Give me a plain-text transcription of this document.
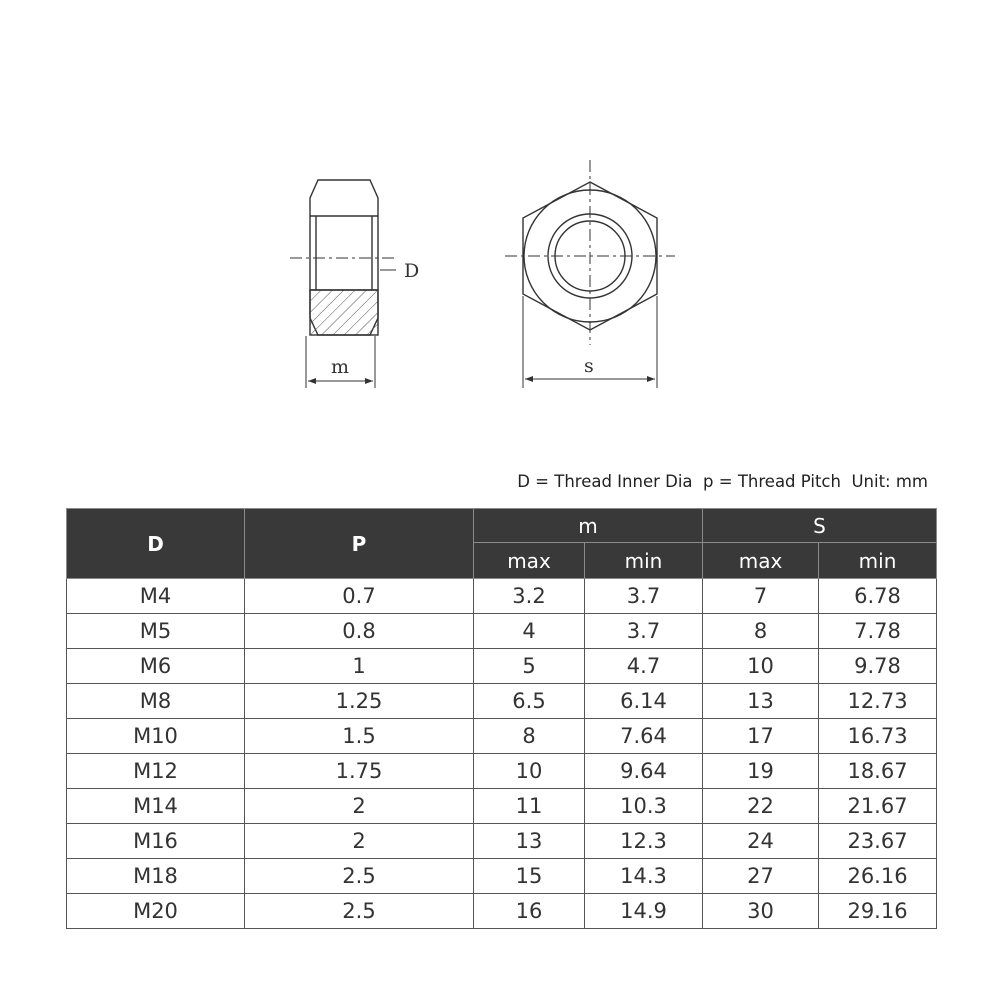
D
m	s
D = Thread Inner Dia p = Thread Pitch Unit: mm
D	P	m		S	
		max	min	max	min
M4	0.7	3.2	3.7	7	6.78
M5	0.8	4	3.7	8	7.78
M6	1	5	4.7	10	9.78
M8	1.25	6.5	6.14	13	12.73
M10	1.5	8	7.64	17	16.73
M12	1.75	10	9.64	19	18.67
M14	2	11	10.3	22	21.67
M16	2	13	12.3	24	23.67
M18	2.5	15	14.3	27	26.16
M20	2.5	16	14.9	30	29.16
